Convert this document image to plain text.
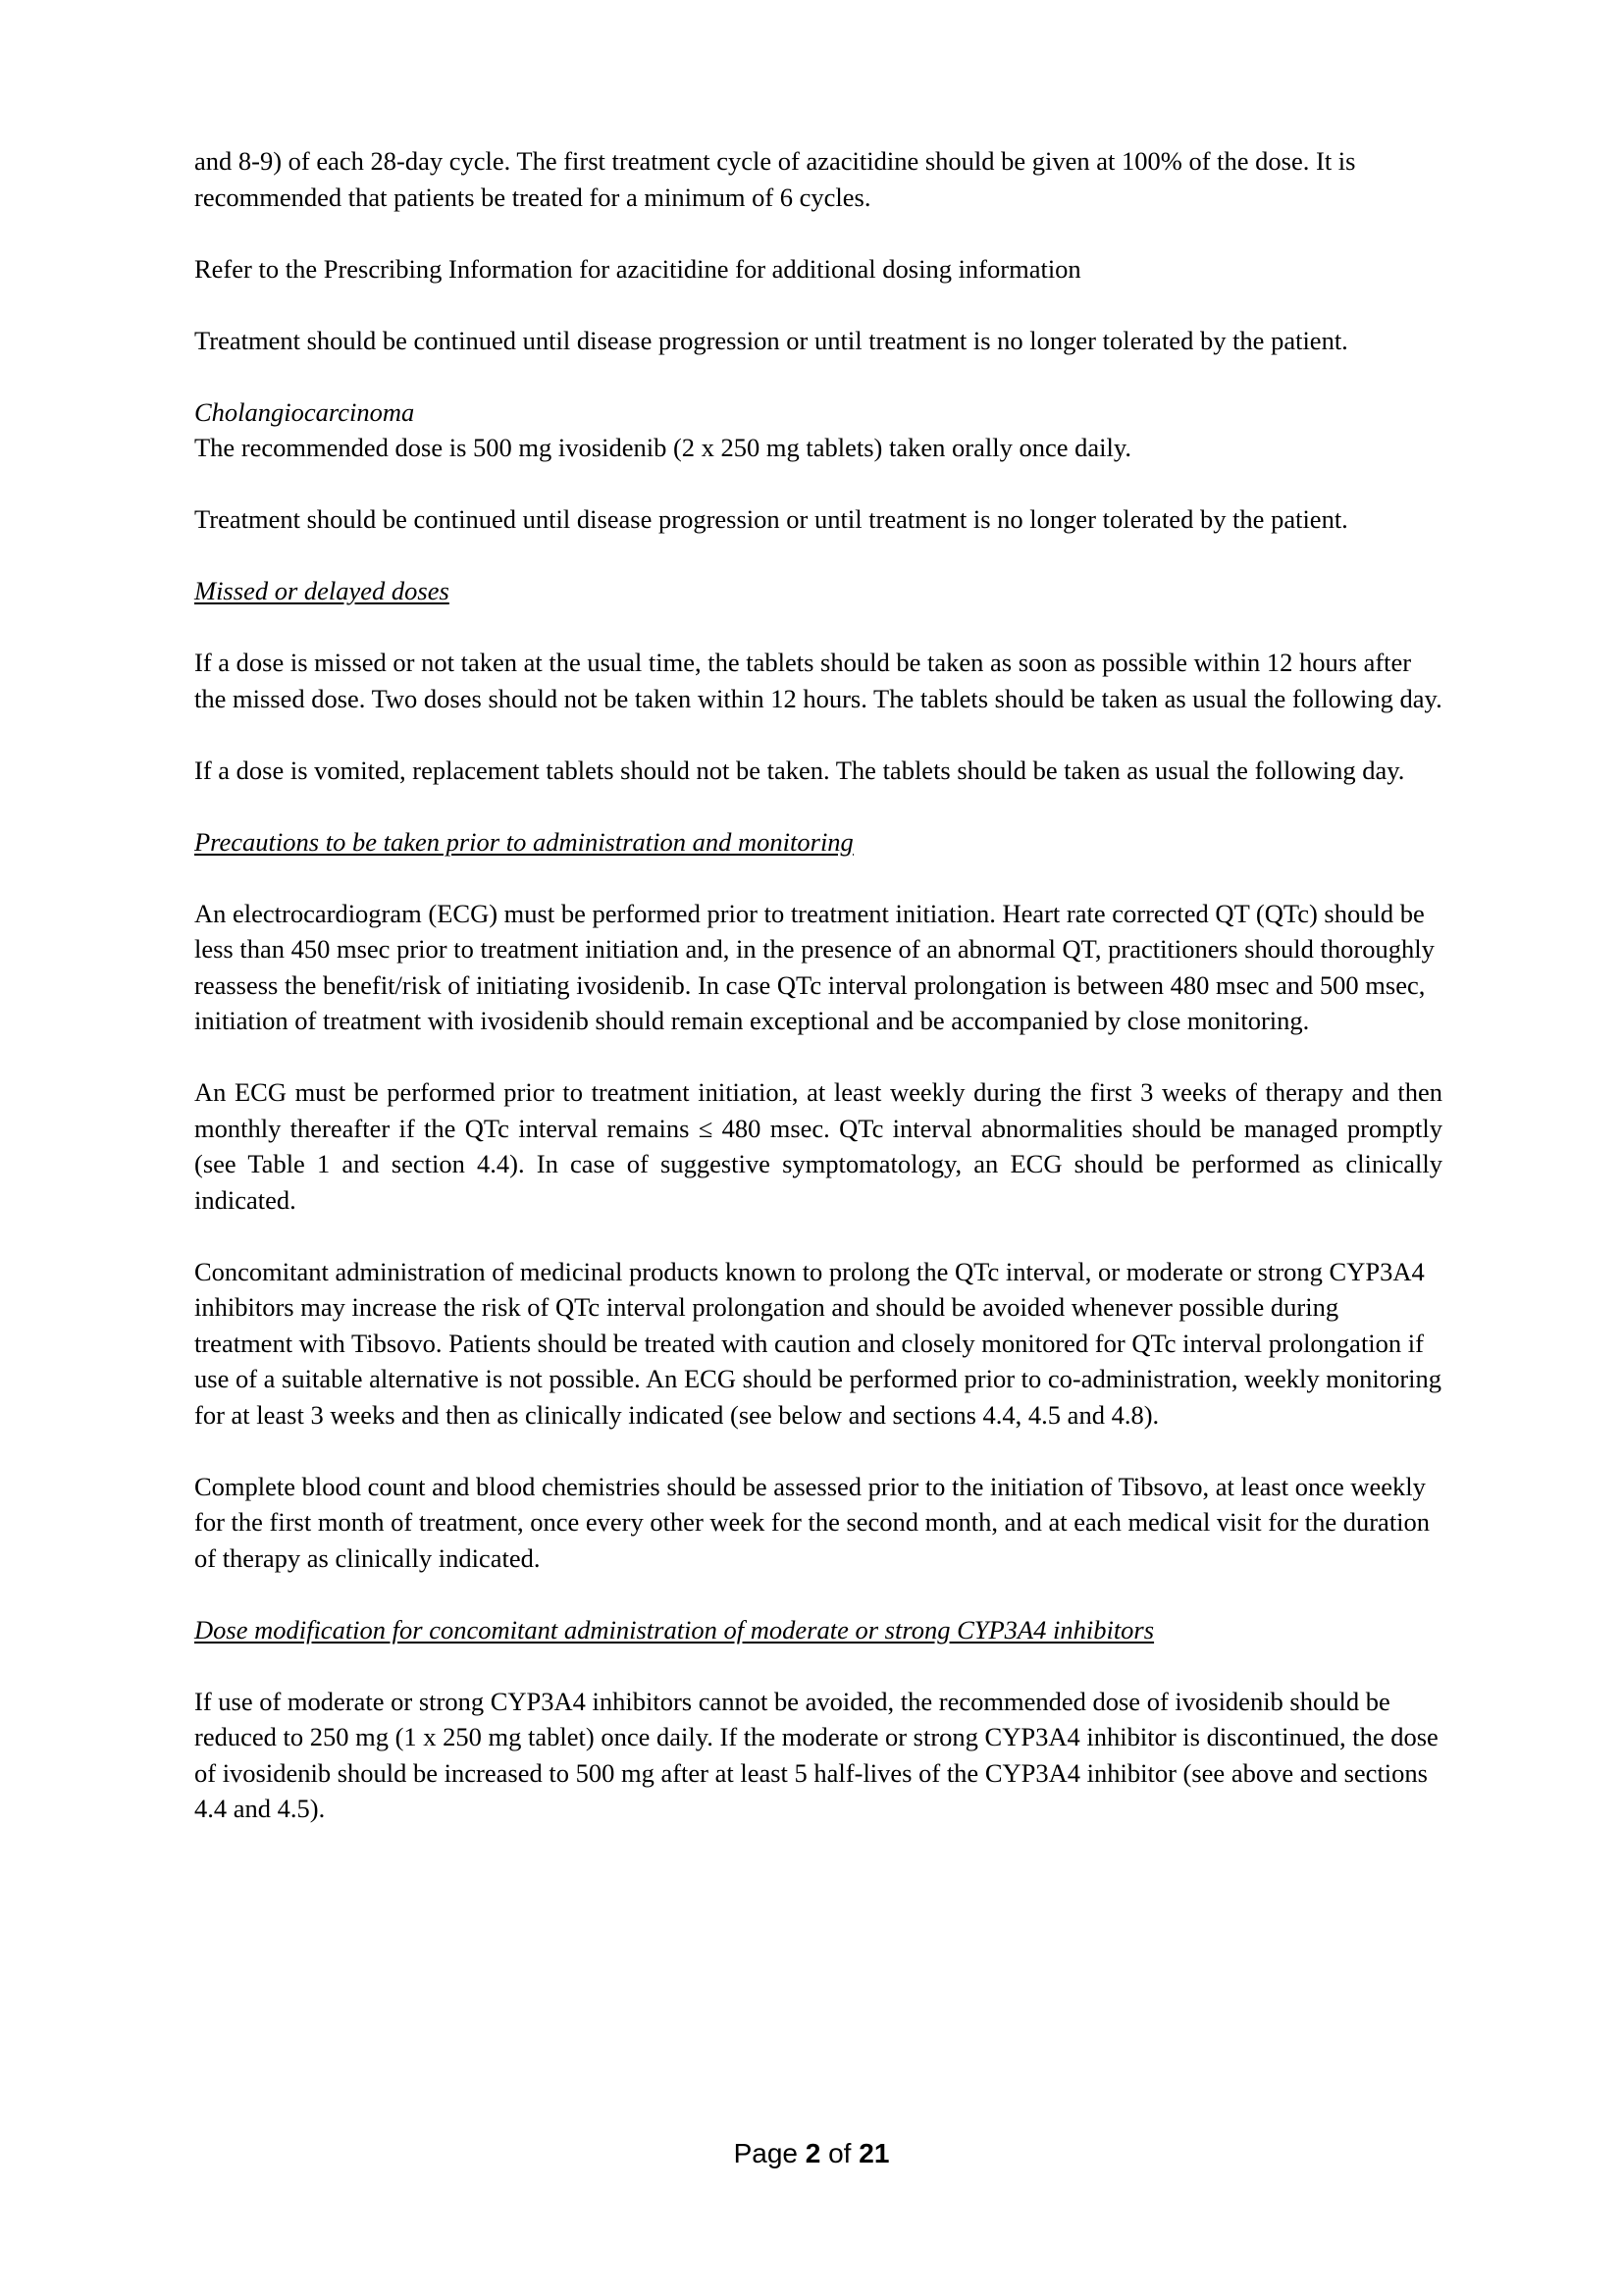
and 8-9) of each 28-day cycle. The first treatment cycle of azacitidine should be given at 100% of the dose. It is recommended that patients be treated for a minimum of 6 cycles.

Refer to the Prescribing Information for azacitidine for additional dosing information

Treatment should be continued until disease progression or until treatment is no longer tolerated by the patient.

Cholangiocarcinoma

The recommended dose is 500 mg ivosidenib (2 x 250 mg tablets) taken orally once daily.

Treatment should be continued until disease progression or until treatment is no longer tolerated by the patient.

Missed or delayed doses

If a dose is missed or not taken at the usual time, the tablets should be taken as soon as possible within 12 hours after the missed dose. Two doses should not be taken within 12 hours. The tablets should be taken as usual the following day.

If a dose is vomited, replacement tablets should not be taken. The tablets should be taken as usual the following day.

Precautions to be taken prior to administration and monitoring

An electrocardiogram (ECG) must be performed prior to treatment initiation. Heart rate corrected QT (QTc) should be less than 450 msec prior to treatment initiation and, in the presence of an abnormal QT, practitioners should thoroughly reassess the benefit/risk of initiating ivosidenib. In case QTc interval prolongation is between 480 msec and 500 msec, initiation of treatment with ivosidenib should remain exceptional and be accompanied by close monitoring.

An ECG must be performed prior to treatment initiation, at least weekly during the first 3 weeks of therapy and then monthly thereafter if the QTc interval remains ≤ 480 msec. QTc interval abnormalities should be managed promptly (see Table 1 and section 4.4). In case of suggestive symptomatology, an ECG should be performed as clinically indicated.

Concomitant administration of medicinal products known to prolong the QTc interval, or moderate or strong CYP3A4 inhibitors may increase the risk of QTc interval prolongation and should be avoided whenever possible during treatment with Tibsovo. Patients should be treated with caution and closely monitored for QTc interval prolongation if use of a suitable alternative is not possible. An ECG should be performed prior to co-administration, weekly monitoring for at least 3 weeks and then as clinically indicated (see below and sections 4.4, 4.5 and 4.8).

Complete blood count and blood chemistries should be assessed prior to the initiation of Tibsovo, at least once weekly for the first month of treatment, once every other week for the second month, and at each medical visit for the duration of therapy as clinically indicated.

Dose modification for concomitant administration of moderate or strong CYP3A4 inhibitors

If use of moderate or strong CYP3A4 inhibitors cannot be avoided, the recommended dose of ivosidenib should be reduced to 250 mg (1 x 250 mg tablet) once daily. If the moderate or strong CYP3A4 inhibitor is discontinued, the dose of ivosidenib should be increased to 500 mg after at least 5 half-lives of the CYP3A4 inhibitor (see above and sections 4.4 and 4.5).

Page 2 of 21
